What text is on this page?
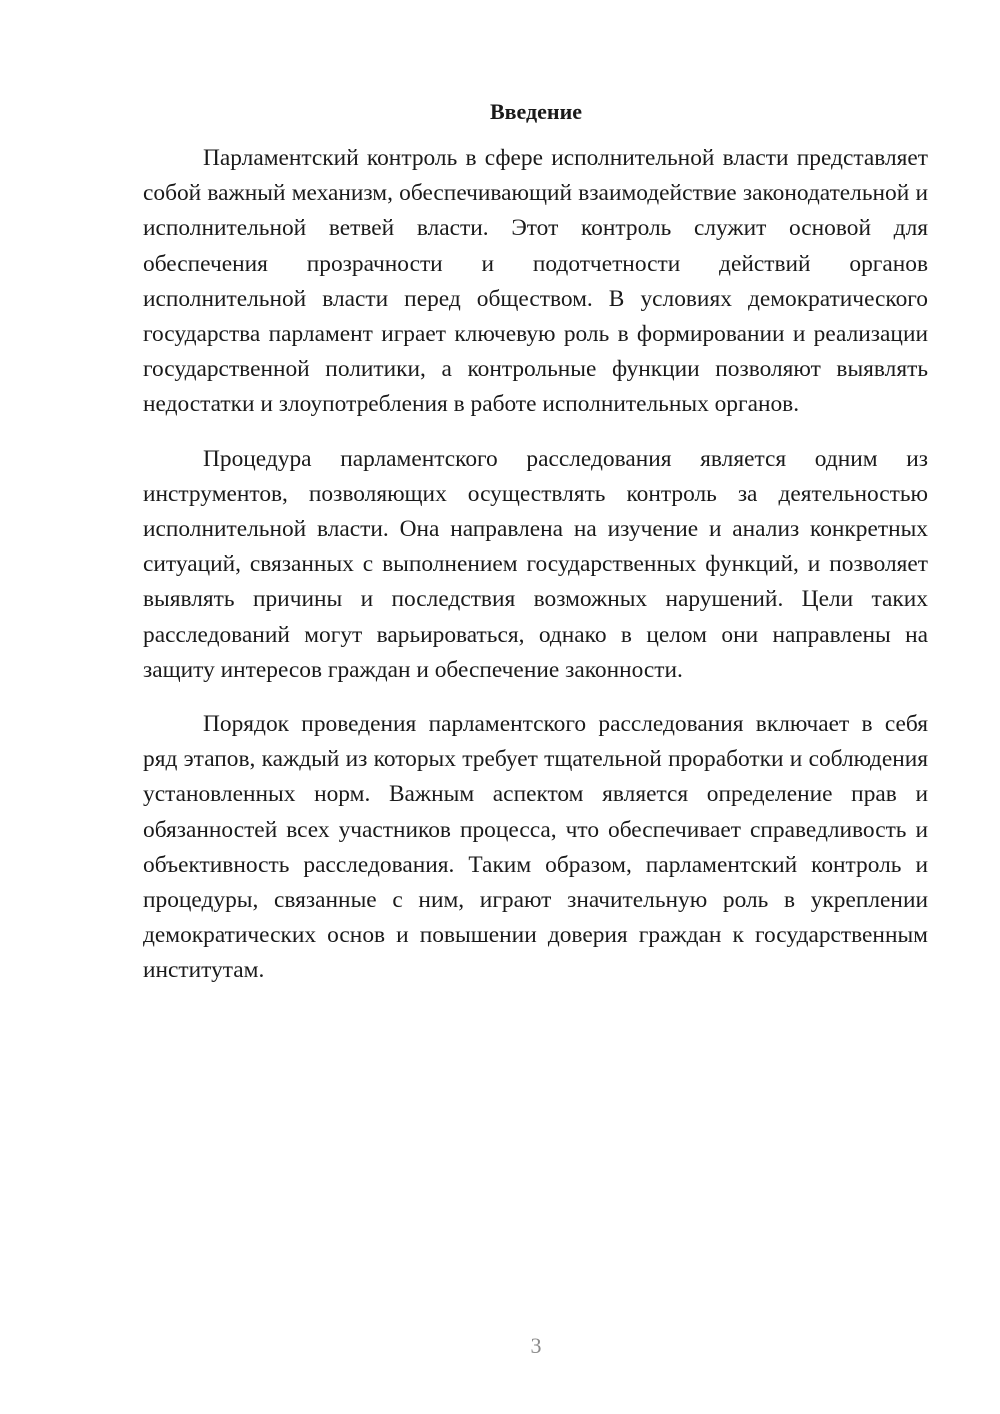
Введение

Парламентский контроль в сфере исполнительной власти представляет собой важный механизм, обеспечивающий взаимодействие законодательной и исполнительной ветвей власти. Этот контроль служит основой для обеспечения прозрачности и подотчетности действий органов исполнительной власти перед обществом. В условиях демократического государства парламент играет ключевую роль в формировании и реализации государственной политики, а контрольные функции позволяют выявлять недостатки и злоупотребления в работе исполнительных органов.

Процедура парламентского расследования является одним из инструментов, позволяющих осуществлять контроль за деятельностью исполнительной власти. Она направлена на изучение и анализ конкретных ситуаций, связанных с выполнением государственных функций, и позволяет выявлять причины и последствия возможных нарушений. Цели таких расследований могут варьироваться, однако в целом они направлены на защиту интересов граждан и обеспечение законности.

Порядок проведения парламентского расследования включает в себя ряд этапов, каждый из которых требует тщательной проработки и соблюдения установленных норм. Важным аспектом является определение прав и обязанностей всех участников процесса, что обеспечивает справедливость и объективность расследования. Таким образом, парламентский контроль и процедуры, связанные с ним, играют значительную роль в укреплении демократических основ и повышении доверия граждан к государственным институтам.

3
